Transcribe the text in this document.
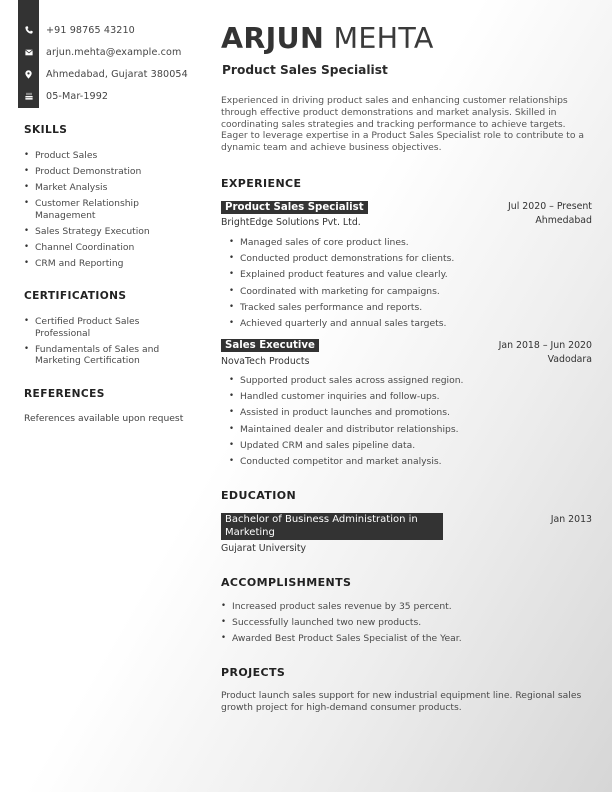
+91 98765 43210
arjun.mehta@example.com
Ahmedabad, Gujarat 380054
05-Mar-1992
SKILLS
• Product Sales
• Product Demonstration
• Market Analysis
• Customer Relationship Management
• Sales Strategy Execution
• Channel Coordination
• CRM and Reporting
CERTIFICATIONS
• Certified Product Sales Professional
• Fundamentals of Sales and Marketing Certification
REFERENCES
References available upon request
ARJUN MEHTA
Product Sales Specialist
Experienced in driving product sales and enhancing customer relationships through effective product demonstrations and market analysis. Skilled in coordinating sales strategies and tracking performance to achieve targets. Eager to leverage expertise in a Product Sales Specialist role to contribute to a dynamic team and achieve business objectives.
EXPERIENCE
Product Sales Specialist
BrightEdge Solutions Pvt. Ltd.
Jul 2020 – Present
Ahmedabad
• Managed sales of core product lines.
• Conducted product demonstrations for clients.
• Explained product features and value clearly.
• Coordinated with marketing for campaigns.
• Tracked sales performance and reports.
• Achieved quarterly and annual sales targets.
Sales Executive
NovaTech Products
Jan 2018 – Jun 2020
Vadodara
• Supported product sales across assigned region.
• Handled customer inquiries and follow-ups.
• Assisted in product launches and promotions.
• Maintained dealer and distributor relationships.
• Updated CRM and sales pipeline data.
• Conducted competitor and market analysis.
EDUCATION
Bachelor of Business Administration in Marketing
Gujarat University
Jan 2013
ACCOMPLISHMENTS
• Increased product sales revenue by 35 percent.
• Successfully launched two new products.
• Awarded Best Product Sales Specialist of the Year.
PROJECTS
Product launch sales support for new industrial equipment line. Regional sales growth project for high-demand consumer products.
